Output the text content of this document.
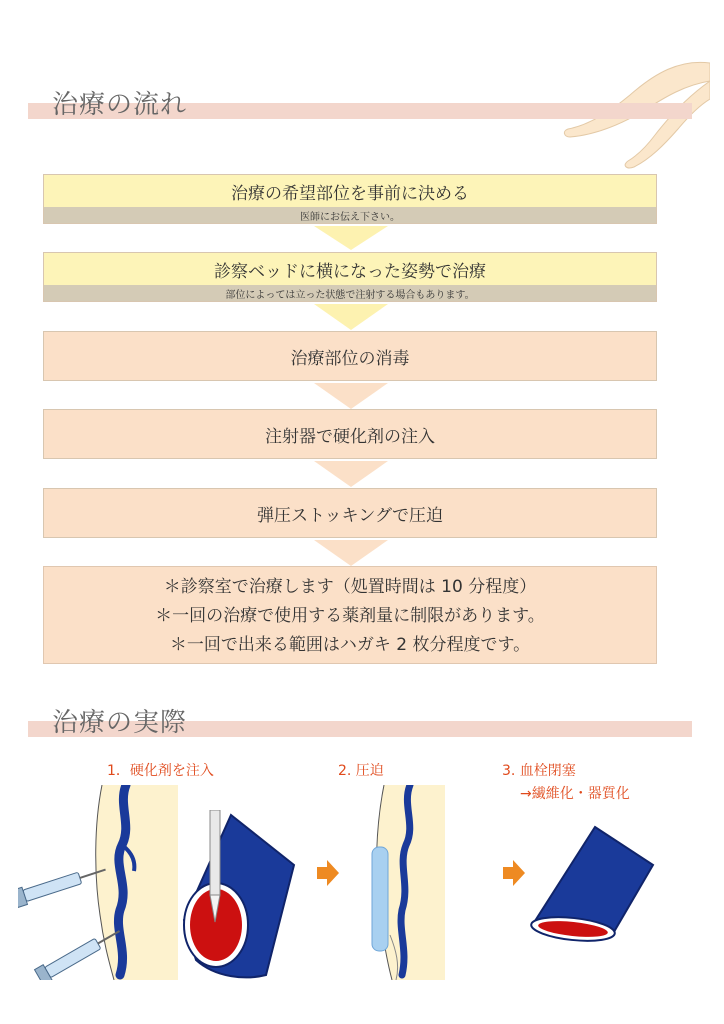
治療の流れ
治療の希望部位を事前に決める
医師にお伝え下さい。
診察ベッドに横になった姿勢で治療
部位によっては立った状態で注射する場合もあります。
治療部位の消毒
注射器で硬化剤の注入
弾圧ストッキングで圧迫
＊診察室で治療します（処置時間は 10 分程度）
＊一回の治療で使用する薬剤量に制限があります。
＊一回で出来る範囲はハガキ 2 枚分程度です。
治療の実際
1．硬化剤を注入	2. 圧迫	3. 血栓閉塞
→繊維化・器質化
